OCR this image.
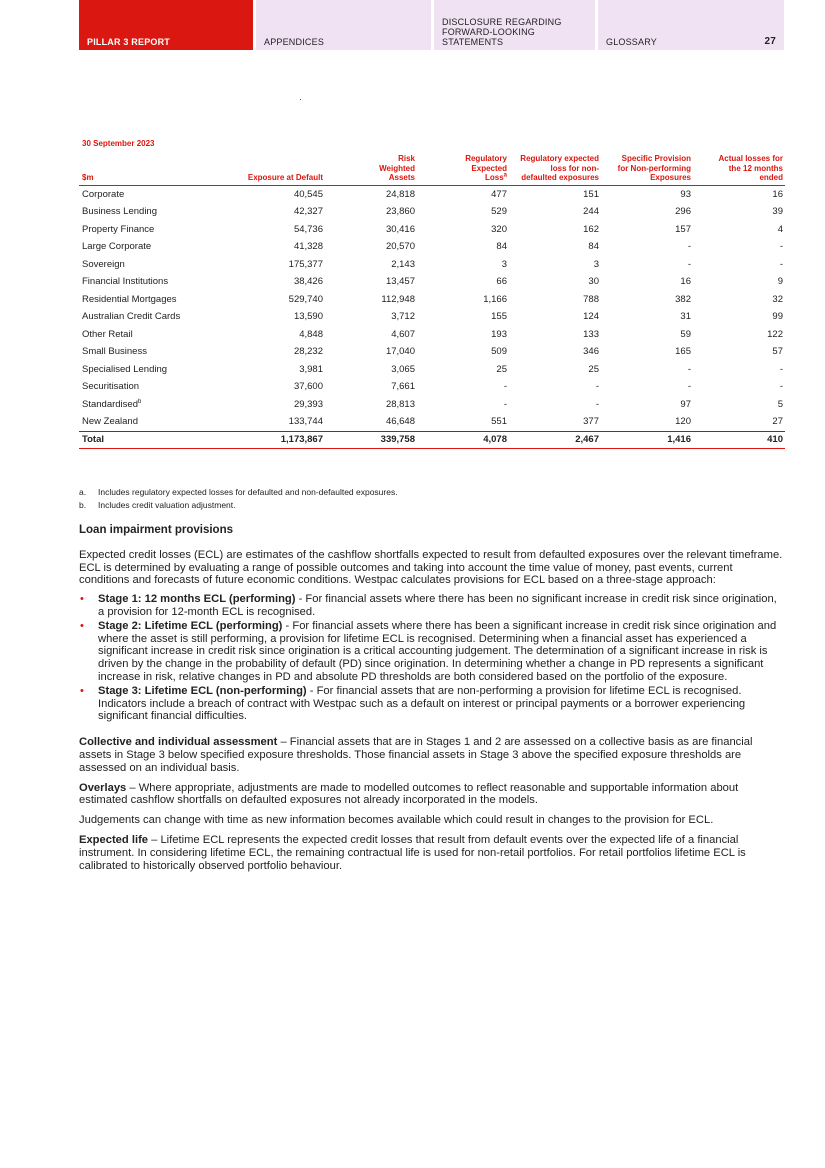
PILLAR 3 REPORT	APPENDICES
DISCLOSURE REGARDING FORWARD-LOOKING STATEMENTS	GLOSSARY	27
30 September 2023
$m	Exposure at Default	Risk Weighted Assets	Regulatory Expected Loss$^a$	Regulatory expected loss for non-defaulted exposures	Specific Provision for Non-performing Exposures	Actual losses for the 12 months ended
Corporate	40,545	24,818	477	151	93	16
Business Lending	42,327	23,860	529	244	296	39
Property Finance	54,736	30,416	320	162	157	4
Large Corporate	41,328	20,570	84	84	-	-
Sovereign	175,377	2,143	3	3	-	-
Financial Institutions	38,426	13,457	66	30	16	9
Residential Mortgages	529,740	112,948	1,166	788	382	32
Australian Credit Cards	13,590	3,712	155	124	31	99
Other Retail	4,848	4,607	193	133	59	122
Small Business	28,232	17,040	509	346	165	57
Specialised Lending	3,981	3,065	25	25	-	-
Securitisation	37,600	7,661	-	-	-	-
Standardised$^b$	29,393	28,813	-	-	97	5
New Zealand	133,744	46,648	551	377	120	27
Total	1,173,867	339,758	4,078	2,467	1,416	410
a.	Includes regulatory expected losses for defaulted and non-defaulted exposures.
b.	Includes credit valuation adjustment.
Loan impairment provisions

Expected credit losses (ECL) are estimates of the cashflow shortfalls expected to result from defaulted exposures over the relevant timeframe. ECL is determined by evaluating a range of possible outcomes and taking into account the time value of money, past events, current conditions and forecasts of future economic conditions. Westpac calculates provisions for ECL based on a three-stage approach:

• Stage 1: 12 months ECL (performing) - For financial assets where there has been no significant increase in credit risk since origination, a provision for 12-month ECL is recognised.
• Stage 2: Lifetime ECL (performing) - For financial assets where there has been a significant increase in credit risk since origination and where the asset is still performing, a provision for lifetime ECL is recognised. Determining when a financial asset has experienced a significant increase in credit risk since origination is a critical accounting judgement. The determination of a significant increase in risk is driven by the change in the probability of default (PD) since origination. In determining whether a change in PD represents a significant increase in risk, relative changes in PD and absolute PD thresholds are both considered based on the portfolio of the exposure.
• Stage 3: Lifetime ECL (non-performing) - For financial assets that are non-performing a provision for lifetime ECL is recognised. Indicators include a breach of contract with Westpac such as a default on interest or principal payments or a borrower experiencing significant financial difficulties.

Collective and individual assessment – Financial assets that are in Stages 1 and 2 are assessed on a collective basis as are financial assets in Stage 3 below specified exposure thresholds. Those financial assets in Stage 3 above the specified exposure thresholds are assessed on an individual basis.

Overlays – Where appropriate, adjustments are made to modelled outcomes to reflect reasonable and supportable information about estimated cashflow shortfalls on defaulted exposures not already incorporated in the models.

Judgements can change with time as new information becomes available which could result in changes to the provision for ECL.

Expected life – Lifetime ECL represents the expected credit losses that result from default events over the expected life of a financial instrument. In considering lifetime ECL, the remaining contractual life is used for non-retail portfolios. For retail portfolios lifetime ECL is calibrated to historically observed portfolio behaviour.
